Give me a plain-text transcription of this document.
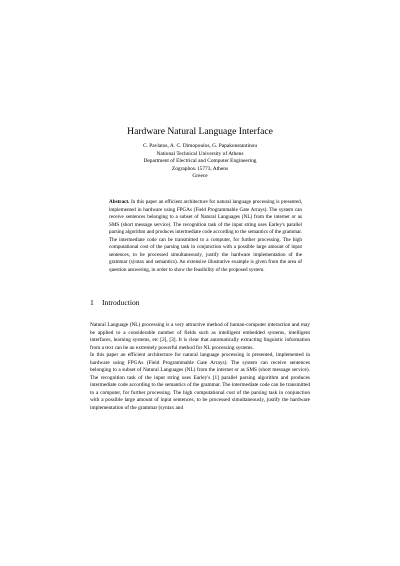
Hardware Natural Language Interface
C. Pavlatos, A. C. Dimopoulos, G. Papakonstantinou
National Technical University of Athens
Department of Electrical and Computer Engineering
Zographou 15773, Athens
Greece
Abstract. In this paper an efficient architecture for natural language processing is presented, implemented in hardware using FPGAs (Field Programmable Gate Arrays). The system can receive sentences belonging to a subset of Natural Languages (NL) from the internet or as SMS (short message service). The recognition task of the input string uses Earley's parallel parsing algorithm and produces intermediate code according to the semantics of the grammar. The intermediate code can be transmitted to a computer, for further processing. The high computational cost of the parsing task in conjunction with a possible large amount of input sentences, to be processed simultaneously, justify the hardware implementation of the grammar (syntax and semantics). An extensive illustrative example is given from the area of question answering, in order to show the feasibility of the proposed system.
1 Introduction

Natural Language (NL) processing is a very attractive method of human-computer interaction and may be applied to a considerable number of fields such as intelligent embedded systems, intelligent interfaces, learning systems, etc [2], [3]. It is clear that automatically extracting linguistic information from a text can be an extremely powerful method for NL processing systems.

In this paper an efficient architecture for natural language processing is presented, implemented in hardware using FPGAs (Field Programmable Gate Arrays). The system can receive sentences belonging to a subset of Natural Languages (NL) from the internet or as SMS (short message service). The recognition task of the input string uses Earley's [1] parallel parsing algorithm and produces intermediate code according to the semantics of the grammar. The intermediate code can be transmitted to a computer, for further processing. The high computational cost of the parsing task in conjunction with a possible large amount of input sentences, to be processed simultaneously, justify the hardware implementation of the grammar (syntax and
